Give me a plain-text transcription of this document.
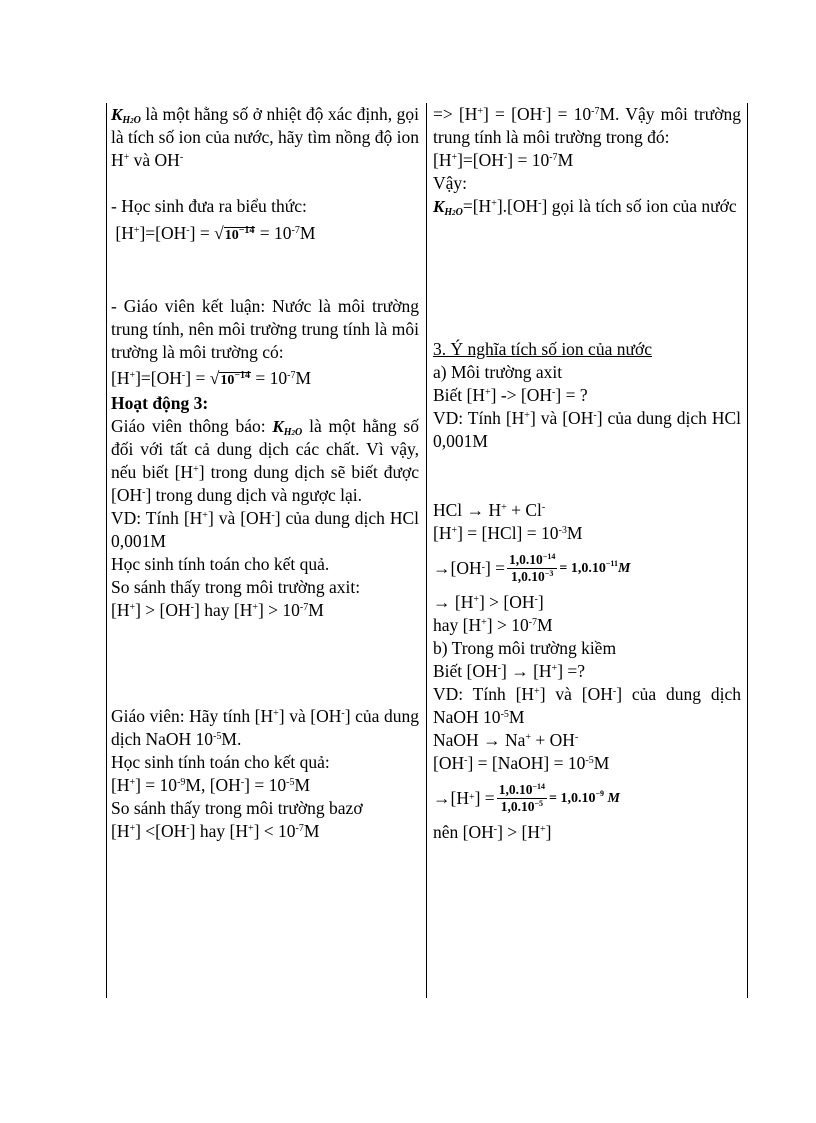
$K_{H2O}$ là một hằng số ở nhiệt độ xác định, gọi là tích số ion của nước, hãy tìm nồng độ ion H+ và OH-

- Học sinh đưa ra biểu thức:

$[H^+]=[OH^-] = √10^{-14} = 10^{-7}M$

- Giáo viên kết luận: Nước là môi trường trung tính, nên môi trường trung tính là môi trường là môi trường có:

$[H^+]=[OH^-] = √10^{-14} = 10^{-7}M$

Hoạt động 3:

Giáo viên thông báo: $K_{H2O}$ là một hằng số đối với tất cả dung dịch các chất. Vì vậy, nếu biết [H+] trong dung dịch sẽ biết được [OH-] trong dung dịch và ngược lại.

VD: Tính [H+] và [OH-] của dung dịch HCl 0,001M

Học sinh tính toán cho kết quả.

So sánh thấy trong môi trường axit:

[H+] > [OH-] hay $[H^+] > 10^{-7}M$

Giáo viên: Hãy tính [H+] và [OH-] của dung dịch NaOH $10^{-5}M$.

Học sinh tính toán cho kết quả:

$[H^+] = 10^{-9}M$, $[OH^-] = 10^{-5}M$

So sánh thấy trong môi trường bazơ

[H+] <[OH-] hay $[H^+] < 10^{-7}M$

=> $[H^+] = [OH^-] = 10^{-7}M$. Vậy môi trường trung tính là môi trường trong đó:

$[H^+]=[OH^-] = 10^{-7}M$

Vậy:

$K_{H2O}=[H^+].[OH^-]$ gọi là tích số ion của nước

3. Ý nghĩa tích số ion của nước

a) Môi trường axit

Biết [H+] -> [OH-] = ?

VD: Tính [H+] và [OH-] của dung dịch HCl 0,001M

HCl → H+ + Cl-

$[H^+] = [HCl] = 10^{-3}M$

→[OH - ] = $\frac{1,0.10^{-14}}{1,0.10^{-3}} = 1,0.10^{-11}M$

→ [H+] > [OH-]

hay $[H^+] > 10^{-7}M$

b) Trong môi trường kiềm

Biết [OH-] → [H+] =?

VD: Tính [H+] và [OH-] của dung dịch NaOH $10^{-5}M$

NaOH → Na+ + OH-

[OH-] = [NaOH] = $10^{-5}M$

→[H + ] = $\frac{1,0.10^{-14}}{1,0.10^{-5}} = 1,0.10^{-9}$ M

nên [OH-] > [H+]
